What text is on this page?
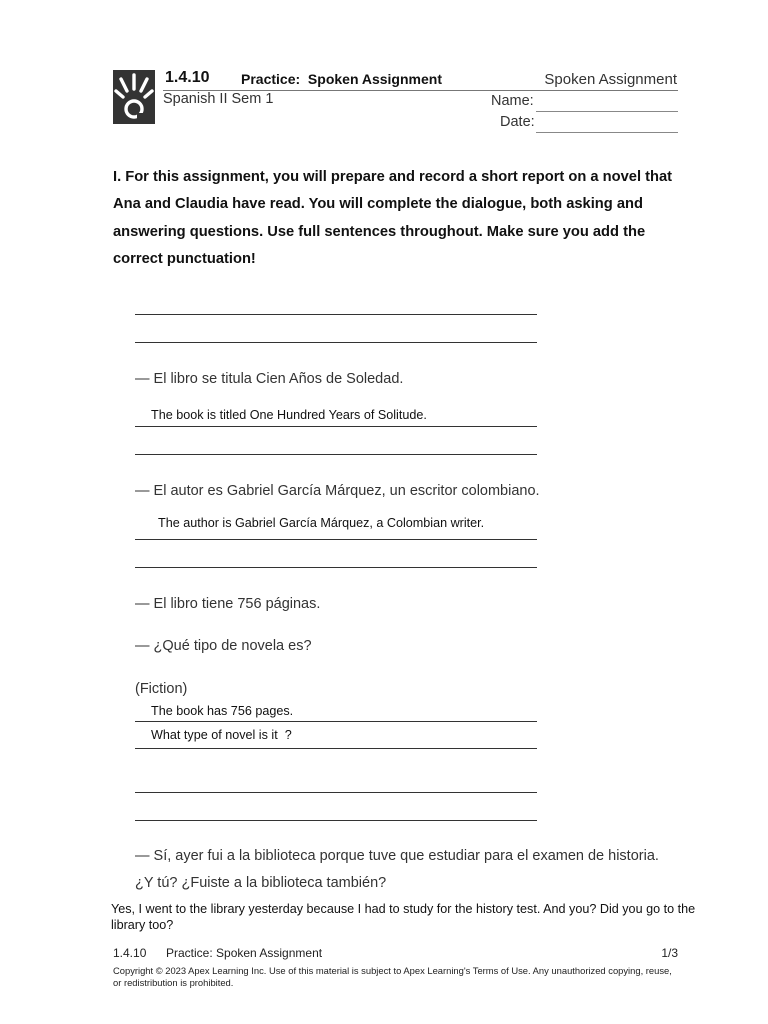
1.4.10 Practice:  Spoken Assignment	Spoken Assignment
Spanish II Sem 1	Name:
Date:

I. For this assignment, you will prepare and record a short report on a novel that Ana and Claudia have read. You will complete the dialogue, both asking and answering questions. Use full sentences throughout. Make sure you add the correct punctuation!

— El libro se titula Cien Años de Soledad.
The book is titled One Hundred Years of Solitude.
— El autor es Gabriel García Márquez, un escritor colombiano.
The author is Gabriel García Márquez, a Colombian writer.
— El libro tiene 756 páginas.
— ¿Qué tipo de novela es?
(Fiction)
The book has 756 pages.
What type of novel is it  ?
— Sí, ayer fui a la biblioteca porque tuve que estudiar para el examen de historia.
¿Y tú? ¿Fuiste a la biblioteca también?

Yes, I went to the library yesterday because I had to study for the history test. And you? Did you go to the library too?

1.4.10 Practice: Spoken Assignment	1/3

Copyright © 2023 Apex Learning Inc. Use of this material is subject to Apex Learning's Terms of Use. Any unauthorized copying, reuse, or redistribution is prohibited.
